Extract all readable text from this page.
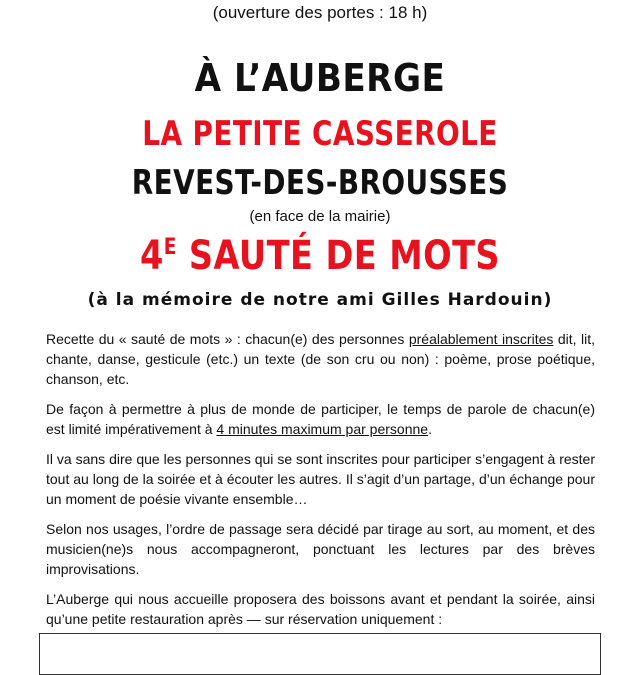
(ouverture des portes : 18 h)
À L’AUBERGE
LA PETITE CASSEROLE
REVEST-DES-BROUSSES
(en face de la mairie)
$4^E$ SAUTÉ DE MOTS
(à la mémoire de notre ami Gilles Hardouin)

Recette du « sauté de mots » : chacun(e) des personnes préalablement inscrites dit, lit, chante, danse, gesticule (etc.) un texte (de son cru ou non) : poème, prose poétique, chanson, etc.

De façon à permettre à plus de monde de participer, le temps de parole de chacun(e) est limité impérativement à 4 minutes maximum par personne.

Il va sans dire que les personnes qui se sont inscrites pour participer s’engagent à rester tout au long de la soirée et à écouter les autres. Il s’agit d’un partage, d’un échange pour un moment de poésie vivante ensemble…

Selon nos usages, l’ordre de passage sera décidé par tirage au sort, au moment, et des musicien(ne)s nous accompagneront, ponctuant les lectures par des brèves improvisations.

L’Auberge qui nous accueille proposera des boissons avant et pendant la soirée, ainsi qu’une petite restauration après — sur réservation uniquement :
